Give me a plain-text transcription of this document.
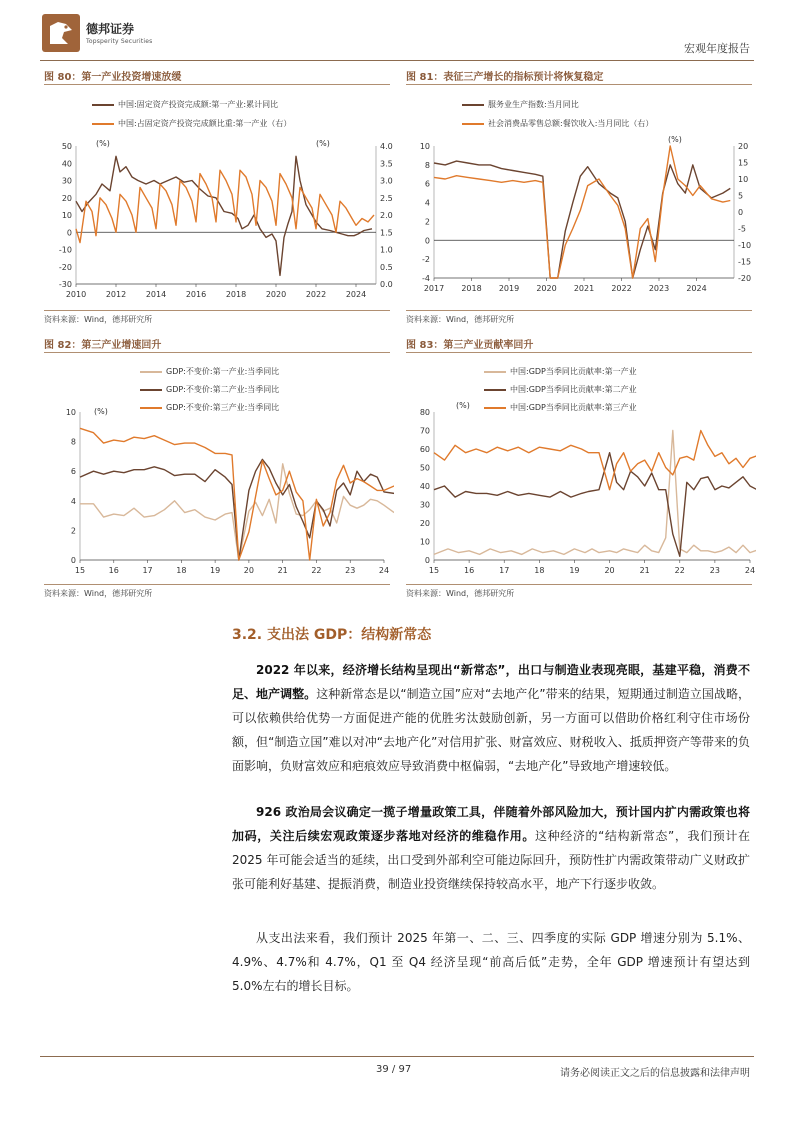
德邦证券
Topsperity Securities
宏观年度报告
图 80：第一产业投资增速放缓
中国:固定资产投资完成额:第一产业:累计同比
中国:占固定资产投资完成额比重:第一产业（右）
-30
-20
-10
0
10
20
30
40
50
0.0
0.5
1.0
1.5
2.0
2.5
3.0
3.5
4.0
2010 2012 2014 2016 2018 2020 2022 2024
(%)	(%)
资料来源：Wind，德邦研究所
图 81：表征三产增长的指标预计将恢复稳定
服务业生产指数:当月同比
社会消费品零售总额:餐饮收入:当月同比（右）
-4
-2
0
2
4
6
8
10
-20
-15
-10
-5
0
5
10
15
20
2017 2018 2019 2020 2021 2022 2023 2024
(%)
资料来源：Wind，德邦研究所
图 82：第三产业增速回升
GDP:不变价:第一产业:当季同比
GDP:不变价:第二产业:当季同比
GDP:不变价:第三产业:当季同比
0
2
4
6
8
10
15	16	17	18	19	20	21	22	23	24
(%)
资料来源：Wind，德邦研究所
图 83：第三产业贡献率回升
中国:GDP当季同比贡献率:第一产业
中国:GDP当季同比贡献率:第二产业
中国:GDP当季同比贡献率:第三产业
0
10
20
30
40
50
60
70
80
15	16	17	18	19	20	21	22	23	24
(%)
资料来源：Wind，德邦研究所
3.2. 支出法 GDP：结构新常态
2022 年以来，经济增长结构呈现出“新常态”，出口与制造业表现亮眼，基建平稳，消费不足、地产调整。这种新常态是以“制造立国”应对“去地产化”带来的结果，短期通过制造立国战略，可以依赖供给优势一方面促进产能的优胜劣汰鼓励创新，另一方面可以借助价格红利守住市场份额，但“制造立国”难以对冲“去地产化”对信用扩张、财富效应、财税收入、抵质押资产等带来的负面影响，负财富效应和疤痕效应导致消费中枢偏弱，“去地产化”导致地产增速较低。
926 政治局会议确定一揽子增量政策工具，伴随着外部风险加大，预计国内扩内需政策也将加码，关注后续宏观政策逐步落地对经济的维稳作用。这种经济的“结构新常态”，我们预计在 2025 年可能会适当的延续，出口受到外部利空可能边际回升，预防性扩内需政策带动广义财政扩张可能利好基建、提振消费，制造业投资继续保持较高水平，地产下行逐步收敛。
从支出法来看，我们预计 2025 年第一、二、三、四季度的实际 GDP 增速分别为 5.1%、4.9%、4.7%和 4.7%，Q1 至 Q4 经济呈现“前高后低”走势，全年 GDP 增速预计有望达到 5.0%左右的增长目标。
39 / 97	请务必阅读正文之后的信息披露和法律声明
